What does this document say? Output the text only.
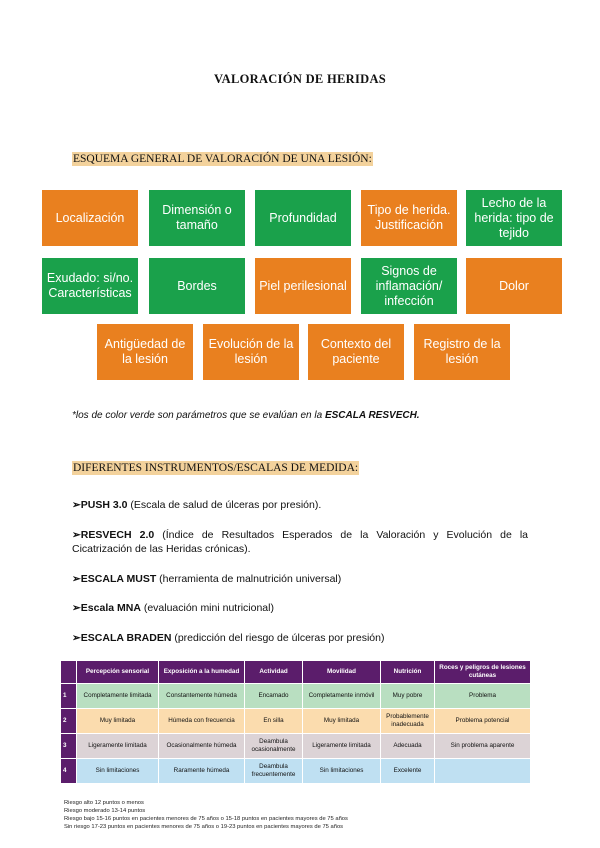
VALORACIÓN DE HERIDAS
ESQUEMA GENERAL DE VALORACIÓN DE UNA LESIÓN:
Localización
Dimensión o tamaño
Profundidad
Tipo de herida. Justificación
Lecho de la herida: tipo de tejido
Exudado: si/no. Características
Bordes	Piel perilesional
Signos de inflamación/ infección
Dolor
Antigüedad de la lesión
Evolución de la lesión
Contexto del paciente
Registro de la lesión
*los de color verde son parámetros que se evalúan en la ESCALA RESVECH.
DIFERENTES INSTRUMENTOS/ESCALAS DE MEDIDA:
➢PUSH 3.0 (Escala de salud de úlceras por presión).
➢RESVECH 2.0 (Índice de Resultados Esperados de la Valoración y Evolución de la Cicatrización de las Heridas crónicas).
➢ESCALA MUST (herramienta de malnutrición universal)
➢Escala MNA (evaluación mini nutricional)
➢ESCALA BRADEN (predicción del riesgo de úlceras por presión)
	Percepción sensorial	Exposición a la humedad	Actividad	Movilidad	Nutrición	Roces y peligros de lesiones cutáneas
1	Completamente limitada	Constantemente húmeda	Encamado	Completamente inmóvil	Muy pobre	Problema
2	Muy limitada	Húmeda con frecuencia	En silla	Muy limitada	Probablemente inadecuada	Problema potencial
3	Ligeramente limitada	Ocasionalmente húmeda	Deambula ocasionalmente	Ligeramente limitada	Adecuada	Sin problema aparente
4	Sin limitaciones	Raramente húmeda	Deambula frecuentemente	Sin limitaciones	Excelente	
Riesgo alto 12 puntos o menos
Riesgo moderado 13-14 puntos
Riesgo bajo 15-16 puntos en pacientes menores de 75 años o 15-18 puntos en pacientes mayores de 75 años
Sin riesgo 17-23 puntos en pacientes menores de 75 años o 19-23 puntos en pacientes mayores de 75 años
